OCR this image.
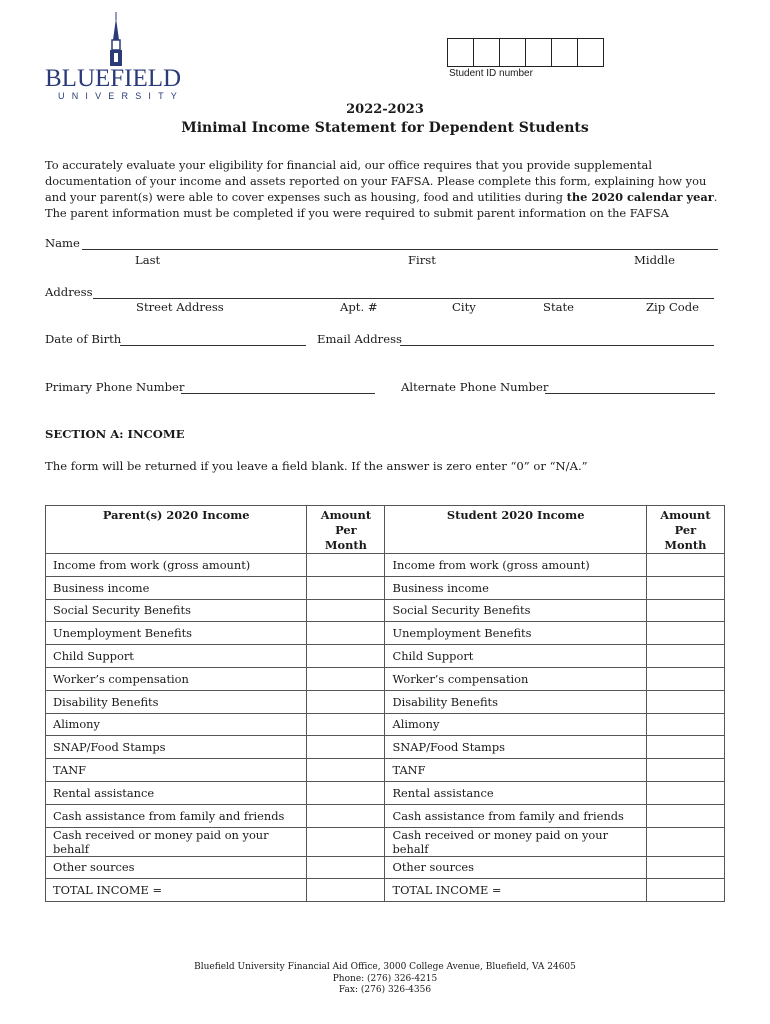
BLUEFIELD
UNIVERSITY
Student ID number
2022-2023
Minimal Income Statement for Dependent Students
To accurately evaluate your eligibility for financial aid, our office requires that you provide supplemental documentation of your income and assets reported on your FAFSA. Please complete this form, explaining how you and your parent(s) were able to cover expenses such as housing, food and utilities during the 2020 calendar year. The parent information must be completed if you were required to submit parent information on the FAFSA
Name
Last	First	Middle
Address
Street Address	Apt. #	City	State	Zip Code
Date of Birth	Email Address
Primary Phone Number	Alternate Phone Number
SECTION A: INCOME
The form will be returned if you leave a field blank. If the answer is zero enter “0” or “N/A.”
Parent(s) 2020 Income	Amount Per Month	Student 2020 Income	Amount Per Month
Income from work (gross amount)		Income from work (gross amount)	
Business income		Business income	
Social Security Benefits		Social Security Benefits	
Unemployment Benefits		Unemployment Benefits	
Child Support		Child Support	
Worker’s compensation		Worker’s compensation	
Disability Benefits		Disability Benefits	
Alimony		Alimony	
SNAP/Food Stamps		SNAP/Food Stamps	
TANF		TANF	
Rental assistance		Rental assistance	
Cash assistance from family and friends		Cash assistance from family and friends	
Cash received or money paid on your behalf		Cash received or money paid on your behalf	
Other sources		Other sources	
TOTAL INCOME =		TOTAL INCOME =	
Bluefield University Financial Aid Office, 3000 College Avenue, Bluefield, VA 24605
Phone: (276) 326-4215
Fax: (276) 326-4356
